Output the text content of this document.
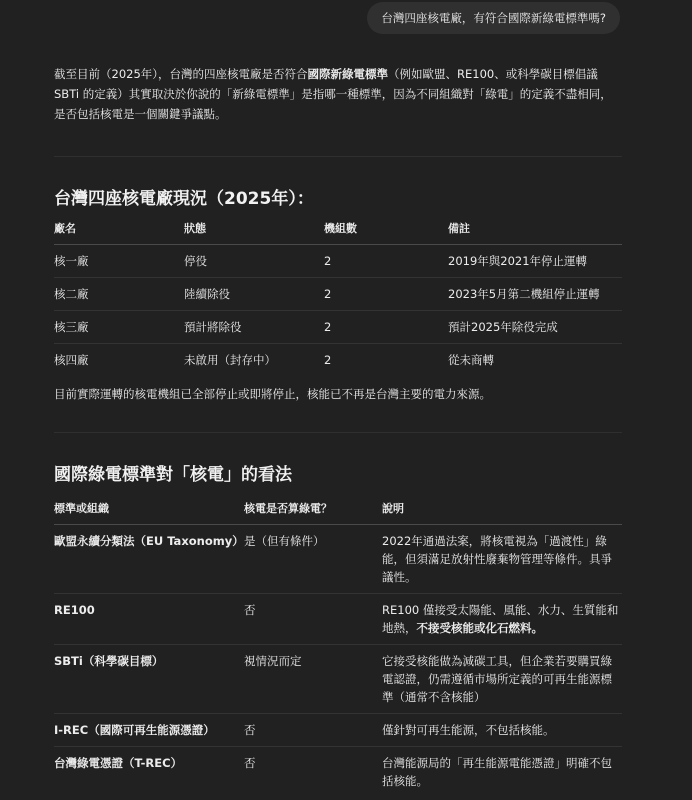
台灣四座核電廠，有符合國際新綠電標準嗎?

截至目前（2025年），台灣的四座核電廠是否符合國際新綠電標準（例如歐盟、RE100、或科學碳目標倡議 SBTi 的定義）其實取決於你說的「新綠電標準」是指哪一種標準，因為不同組織對「綠電」的定義不盡相同，是否包括核電是一個關鍵爭議點。

台灣四座核電廠現況（2025年）：
廠名	狀態	機組數	備註
核一廠	停役	2	2019年與2021年停止運轉
核二廠	陸續除役	2	2023年5月第二機組停止運轉
核三廠	預計將除役	2	預計2025年除役完成
核四廠	未啟用（封存中）	2	從未商轉

目前實際運轉的核電機組已全部停止或即將停止，核能已不再是台灣主要的電力來源。

國際綠電標準對「核電」的看法
標準或組織	核電是否算綠電？	說明
歐盟永續分類法（EU Taxonomy）	是（但有條件）	2022年通過法案，將核電視為「過渡性」綠能，但須滿足放射性廢棄物管理等條件。具爭議性。
RE100	否	RE100 僅接受太陽能、風能、水力、生質能和地熱，不接受核能或化石燃料。
SBTi（科學碳目標）	視情況而定	它接受核能做為減碳工具，但企業若要購買綠電認證，仍需遵循市場所定義的可再生能源標準（通常不含核能）
I-REC（國際可再生能源憑證）	否	僅針對可再生能源，不包括核能。
台灣綠電憑證（T-REC）	否	台灣能源局的「再生能源電能憑證」明確不包括核能。
